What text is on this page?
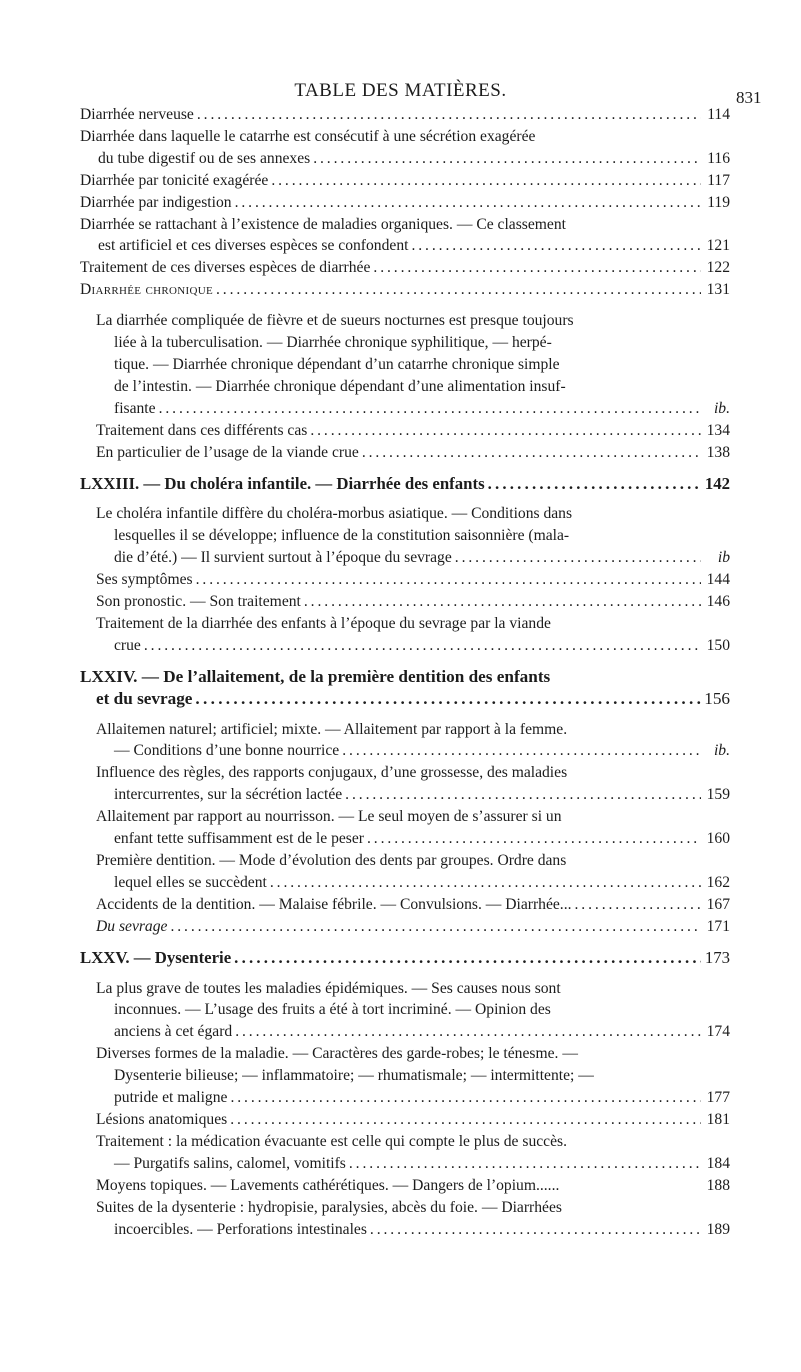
TABLE DES MATIÈRES.	831
Diarrhée nerveuse . . .	114
Diarrhée dans laquelle le catarrhe est consécutif à une sécrétion exagérée
du tube digestif ou de ses annexes . . .	116
Diarrhée par tonicité exagérée . . .	117
Diarrhée par indigestion . . .	119
Diarrhée se rattachant à l’existence de maladies organiques. — Ce classement
est artificiel et ces diverses espèces se confondent . . .	121
Traitement de ces diverses espèces de diarrhée . . .	122
Diarrhée chronique . . .	131
La diarrhée compliquée de fièvre et de sueurs nocturnes est presque toujours
liée à la tuberculisation. — Diarrhée chronique syphilitique, — herpé-
tique. — Diarrhée chronique dépendant d’un catarrhe chronique simple
de l’intestin. — Diarrhée chronique dépendant d’une alimentation insuf-
fisante . . .	ib.
Traitement dans ces différents cas . . .	134
En particulier de l’usage de la viande crue . . .	138
LXXIII. — Du choléra infantile. — Diarrhée des enfants . . .	142
Le choléra infantile diffère du choléra-morbus asiatique. — Conditions dans
lesquelles il se développe; influence de la constitution saisonnière (mala-
die d’été.) — Il survient surtout à l’époque du sevrage . . .	ib
Ses symptômes . . .	144
Son pronostic. — Son traitement . . .	146
Traitement de la diarrhée des enfants à l’époque du sevrage par la viande
crue . . .	150
LXXIV. — De l’allaitement, de la première dentition des enfants
et du sevrage . . .	156
Allaitemen naturel; artificiel; mixte. — Allaitement par rapport à la femme.
— Conditions d’une bonne nourrice . . .	ib.
Influence des règles, des rapports conjugaux, d’une grossesse, des maladies
intercurrentes, sur la sécrétion lactée . . .	159
Allaitement par rapport au nourrisson. — Le seul moyen de s’assurer si un
enfant tette suffisamment est de le peser . . .	160
Première dentition. — Mode d’évolution des dents par groupes. Ordre dans
lequel elles se succèdent . . .	162
Accidents de la dentition. — Malaise fébrile. — Convulsions. — Diarrhée... . . .	167
Du sevrage . . .	171
LXXV. — Dysenterie . . .	173
La plus grave de toutes les maladies épidémiques. — Ses causes nous sont
inconnues. — L’usage des fruits a été à tort incriminé. — Opinion des
anciens à cet égard . . .	174
Diverses formes de la maladie. — Caractères des garde-robes; le ténesme. —
Dysenterie bilieuse; — inflammatoire; — rhumatismale; — intermittente; —
putride et maligne . . .	177
Lésions anatomiques . . .	181
Traitement : la médication évacuante est celle qui compte le plus de succès.
— Purgatifs salins, calomel, vomitifs . . .	184
Moyens topiques. — Lavements cathérétiques. — Dangers de l’opium......	188
Suites de la dysenterie : hydropisie, paralysies, abcès du foie. — Diarrhées
incoercibles. — Perforations intestinales . . .	189
